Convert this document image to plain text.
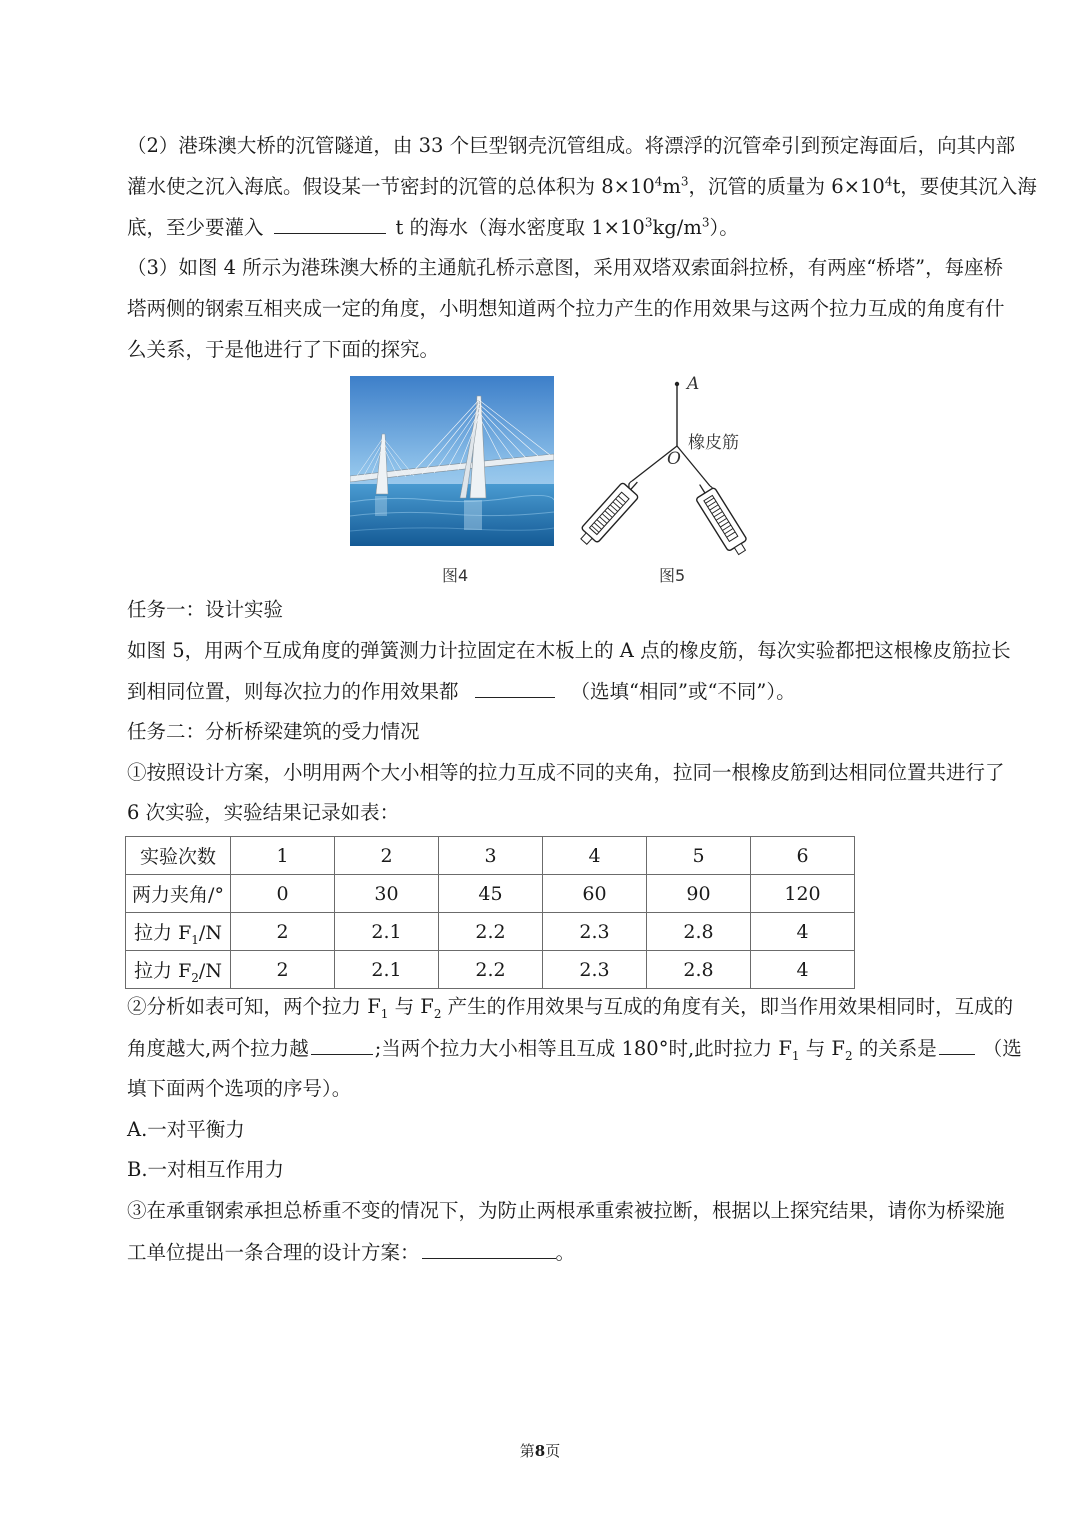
（2）港珠澳大桥的沉管隧道，由 33 个巨型钢壳沉管组成。将漂浮的沉管牵引到预定海面后，向其内部
灌水使之沉入海底。假设某一节密封的沉管的总体积为 $8\times 10^4m^3$，沉管的质量为 $6\times 10^4t$，要使其沉入海
底，至少要灌入	t 的海水（海水密度取 $1\times 10^3kg/m^3$）。
（3）如图 4 所示为港珠澳大桥的主通航孔桥示意图，采用双塔双索面斜拉桥，有两座“桥塔”，每座桥
塔两侧的钢索互相夹成一定的角度，小明想知道两个拉力产生的作用效果与这两个拉力互成的角度有什
么关系，于是他进行了下面的探究。
图4
A
O
橡皮筋
图5
任务一：设计实验
如图 5，用两个互成角度的弹簧测力计拉固定在木板上的 A 点的橡皮筋，每次实验都把这根橡皮筋拉长
到相同位置，则每次拉力的作用效果都	（选填“相同”或“不同”）。
任务二：分析桥梁建筑的受力情况
①按照设计方案，小明用两个大小相等的拉力互成不同的夹角，拉同一根橡皮筋到达相同位置共进行了
6 次实验，实验结果记录如表：
实验次数	1	2	3	4	5	6
两力夹角/°	0	30	45	60	90	120
拉力 $F_1/N$	2	2.1	2.2	2.3	2.8	4
拉力 $F_2/N$	2	2.1	2.2	2.3	2.8	4
②分析如表可知，两个拉力 $F_1$ 与 $F_2$ 产生的作用效果与互成的角度有关，即当作用效果相同时，互成的
角度越大,两个拉力越	;当两个拉力大小相等且互成 180°时,此时拉力 $F_1$ 与 $F_2$ 的关系是 （选
填下面两个选项的序号）。
A.一对平衡力
B.一对相互作用力
③在承重钢索承担总桥重不变的情况下，为防止两根承重索被拉断，根据以上探究结果，请你为桥梁施
工单位提出一条合理的设计方案：	。
第8页
